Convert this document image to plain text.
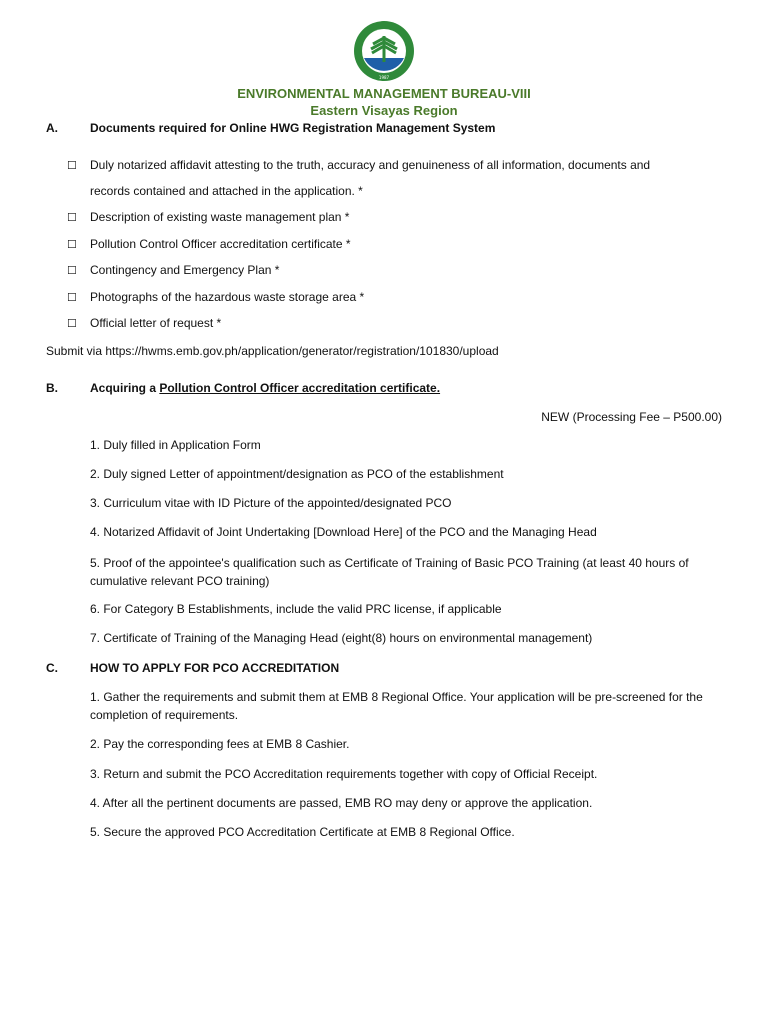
1987
ENVIRONMENTAL MANAGEMENT BUREAU-VIII
Eastern Visayas Region
A.	Documents required for Online HWG Registration Management System
☐ Duly notarized affidavit attesting to the truth, accuracy and genuineness of all information, documents and
records contained and attached in the application. *
☐ Description of existing waste management plan *
☐ Pollution Control Officer accreditation certificate *
☐ Contingency and Emergency Plan *
☐ Photographs of the hazardous waste storage area *
☐ Official letter of request *
Submit via https://hwms.emb.gov.ph/application/generator/registration/101830/upload
B.	Acquiring a Pollution Control Officer accreditation certificate.
NEW (Processing Fee – P500.00)
1. Duly filled in Application Form
2. Duly signed Letter of appointment/designation as PCO of the establishment
3. Curriculum vitae with ID Picture of the appointed/designated PCO
4. Notarized Affidavit of Joint Undertaking [Download Here] of the PCO and the Managing Head
5. Proof of the appointee's qualification such as Certificate of Training of Basic PCO Training (at least 40 hours of cumulative relevant PCO training)
6. For Category B Establishments, include the valid PRC license, if applicable
7. Certificate of Training of the Managing Head (eight(8) hours on environmental management)
C.	HOW TO APPLY FOR PCO ACCREDITATION
1. Gather the requirements and submit them at EMB 8 Regional Office. Your application will be pre-screened for the completion of requirements.
2. Pay the corresponding fees at EMB 8 Cashier.
3. Return and submit the PCO Accreditation requirements together with copy of Official Receipt.
4. After all the pertinent documents are passed, EMB RO may deny or approve the application.
5. Secure the approved PCO Accreditation Certificate at EMB 8 Regional Office.
